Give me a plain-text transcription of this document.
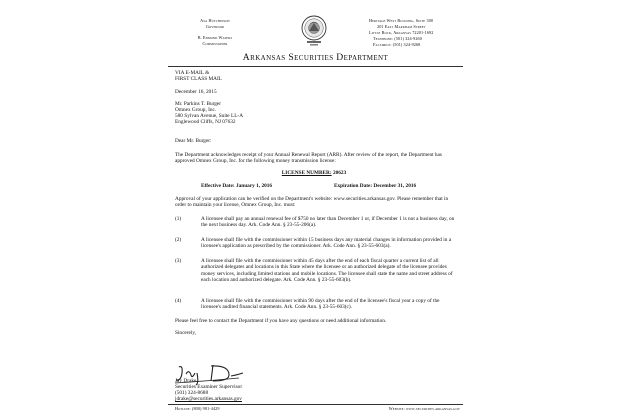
Asa Hutchinson
Governor
B. Edmond Waters
Commissioner
Heritage West Building, Suite 300
201 East Markham Street
Little Rock, Arkansas 72201-1692
Telephone: (501) 324-9260
Facsimile: (501) 324-9268
Arkansas Securities Department
VIA E-MAIL &
FIRST CLASS MAIL
December 16, 2015
Mr. Parkins T. Burger
Omnex Group, Inc.
580 Sylvan Avenue, Suite LL-A
Englewood Cliffs, NJ 07632
Dear Mr. Burger:
The Department acknowledges receipt of your Annual Renewal Report (ARR). After review of the report, the Department has approved Omnex Group, Inc. for the following money transmission license:
LICENSE NUMBER: 20623
Effective Date: January 1, 2016	Expiration Date: December 31, 2016
Approval of your application can be verified on the Department's website: www.securities.arkansas.gov. Please remember that in order to maintain your license, Omnex Group, Inc. must:
(1)	A licensee shall pay an annual renewal fee of $750 no later than December 1 or, if December 1 is not a business day, on the next business day. Ark. Code Ann. § 23-55-206(a).
(2)	A licensee shall file with the commissioner within 15 business days any material changes in information provided in a licensee's application as prescribed by the commissioner. Ark. Code Ann. § 23-55-603(a).
(3)	A licensee shall file with the commissioner within 45 days after the end of each fiscal quarter a current list of all authorized delegates and locations in this State where the licensee or an authorized delegate of the licensee provides money services, including limited stations and mobile locations. The licensee shall state the name and street address of each location and authorized delegate. Ark. Code Ann. § 23-55-603(b).
(4)	A licensee shall file with the commissioner within 90 days after the end of the licensee's fiscal year a copy of the licensee's audited financial statements. Ark. Code Ann. § 23-55-603(c).
Please feel free to contact the Department if you have any questions or need additional information.
Sincerely,
Jay Drake
Securities Examiner Supervisor
(501) 324-8688
jdrake@securities.arkansas.gov
Hotline: (800) 981-4429	Website: www.securities.arkansas.gov
